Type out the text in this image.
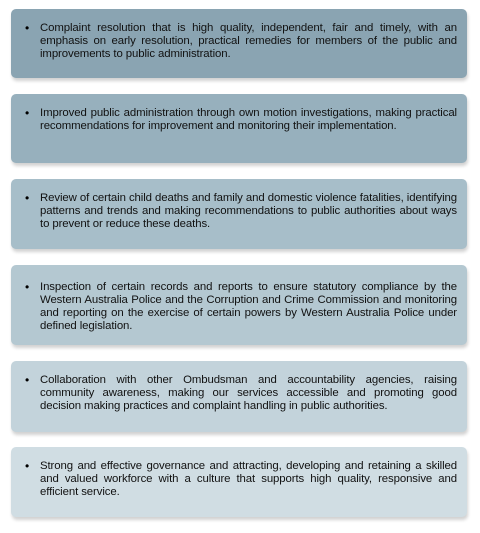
• Complaint resolution that is high quality, independent, fair and timely, with an emphasis on early resolution, practical remedies for members of the public and improvements to public administration.
• Improved public administration through own motion investigations, making practical recommendations for improvement and monitoring their implementation.
• Review of certain child deaths and family and domestic violence fatalities, identifying patterns and trends and making recommendations to public authorities about ways to prevent or reduce these deaths.
• Inspection of certain records and reports to ensure statutory compliance by the Western Australia Police and the Corruption and Crime Commission and monitoring and reporting on the exercise of certain powers by Western Australia Police under defined legislation.
• Collaboration with other Ombudsman and accountability agencies, raising community awareness, making our services accessible and promoting good decision making practices and complaint handling in public authorities.
• Strong and effective governance and attracting, developing and retaining a skilled and valued workforce with a culture that supports high quality, responsive and efficient service.
